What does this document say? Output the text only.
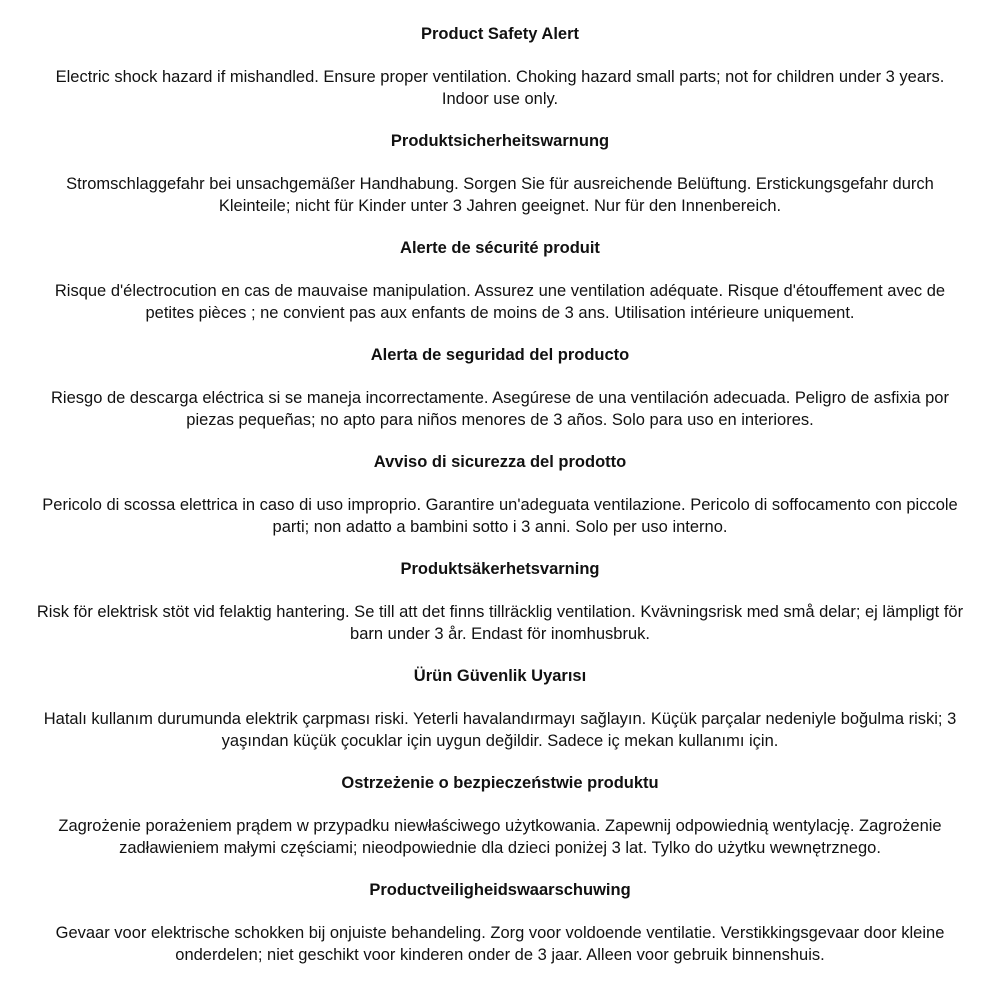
Product Safety Alert
Electric shock hazard if mishandled. Ensure proper ventilation. Choking hazard small parts; not for children under 3 years. Indoor use only.
Produktsicherheitswarnung
Stromschlaggefahr bei unsachgemäßer Handhabung. Sorgen Sie für ausreichende Belüftung. Erstickungsgefahr durch Kleinteile; nicht für Kinder unter 3 Jahren geeignet. Nur für den Innenbereich.
Alerte de sécurité produit
Risque d'électrocution en cas de mauvaise manipulation. Assurez une ventilation adéquate. Risque d'étouffement avec de petites pièces ; ne convient pas aux enfants de moins de 3 ans. Utilisation intérieure uniquement.
Alerta de seguridad del producto
Riesgo de descarga eléctrica si se maneja incorrectamente. Asegúrese de una ventilación adecuada. Peligro de asfixia por piezas pequeñas; no apto para niños menores de 3 años. Solo para uso en interiores.
Avviso di sicurezza del prodotto
Pericolo di scossa elettrica in caso di uso improprio. Garantire un'adeguata ventilazione. Pericolo di soffocamento con piccole parti; non adatto a bambini sotto i 3 anni. Solo per uso interno.
Produktsäkerhetsvarning
Risk för elektrisk stöt vid felaktig hantering. Se till att det finns tillräcklig ventilation. Kvävningsrisk med små delar; ej lämpligt för barn under 3 år. Endast för inomhusbruk.
Ürün Güvenlik Uyarısı
Hatalı kullanım durumunda elektrik çarpması riski. Yeterli havalandırmayı sağlayın. Küçük parçalar nedeniyle boğulma riski; 3 yaşından küçük çocuklar için uygun değildir. Sadece iç mekan kullanımı için.
Ostrzeżenie o bezpieczeństwie produktu
Zagrożenie porażeniem prądem w przypadku niewłaściwego użytkowania. Zapewnij odpowiednią wentylację. Zagrożenie zadławieniem małymi częściami; nieodpowiednie dla dzieci poniżej 3 lat. Tylko do użytku wewnętrznego.
Productveiligheidswaarschuwing
Gevaar voor elektrische schokken bij onjuiste behandeling. Zorg voor voldoende ventilatie. Verstikkingsgevaar door kleine onderdelen; niet geschikt voor kinderen onder de 3 jaar. Alleen voor gebruik binnenshuis.
